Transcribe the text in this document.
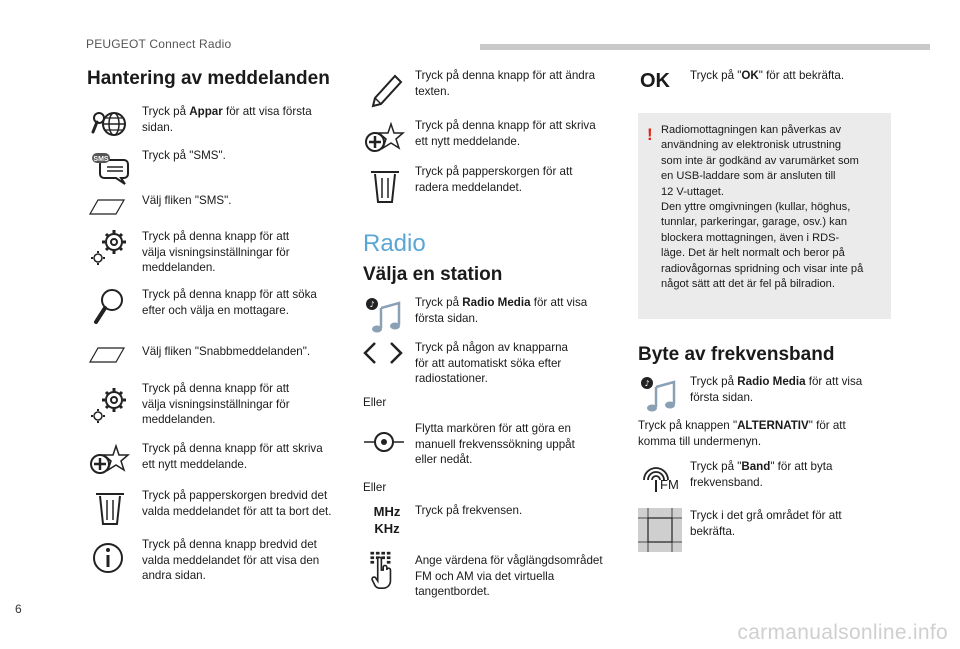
PEUGEOT Connect Radio
Hantering av meddelanden
Tryck på Appar för att visa första
sidan.
SMS	Tryck på "SMS".
Välj fliken "SMS".
Tryck på denna knapp för att
välja visningsinställningar för
meddelanden.
Tryck på denna knapp för att söka
efter och välja en mottagare.
Välj fliken "Snabbmeddelanden".
Tryck på denna knapp för att
välja visningsinställningar för
meddelanden.
Tryck på denna knapp för att skriva
ett nytt meddelande.
Tryck på papperskorgen bredvid det
valda meddelandet för att ta bort det.
Tryck på denna knapp bredvid det
valda meddelandet för att visa den
andra sidan.
Tryck på denna knapp för att ändra
texten.
Tryck på denna knapp för att skriva
ett nytt meddelande.
Tryck på papperskorgen för att
radera meddelandet.
Radio
Välja en station
♪	Tryck på Radio Media för att visa
första sidan.
Tryck på någon av knapparna
för att automatiskt söka efter
radiostationer.
Eller
Flytta markören för att göra en
manuell frekvenssökning uppåt
eller nedåt.
Eller
MHz
KHz
Tryck på frekvensen.
Ange värdena för våglängdsområdet
FM och AM via det virtuella
tangentbordet.
OK Tryck på "OK" för att bekräfta.
! Radiomottagningen kan påverkas av
användning av elektronisk utrustning
som inte är godkänd av varumärket som
en USB-laddare som är ansluten till
12 V-uttaget.
Den yttre omgivningen (kullar, höghus,
tunnlar, parkeringar, garage, osv.) kan
blockera mottagningen, även i RDS-
läge. Det är helt normalt och beror på
radiovågornas spridning och visar inte på
något sätt att det är fel på bilradion.
Byte av frekvensband
♪	Tryck på Radio Media för att visa
första sidan.
Tryck på knappen "ALTERNATIV" för att
komma till undermenyn.
FM
Tryck på "Band" för att byta
frekvensband.
Tryck i det grå området för att
bekräfta.
6
carmanualsonline.info
